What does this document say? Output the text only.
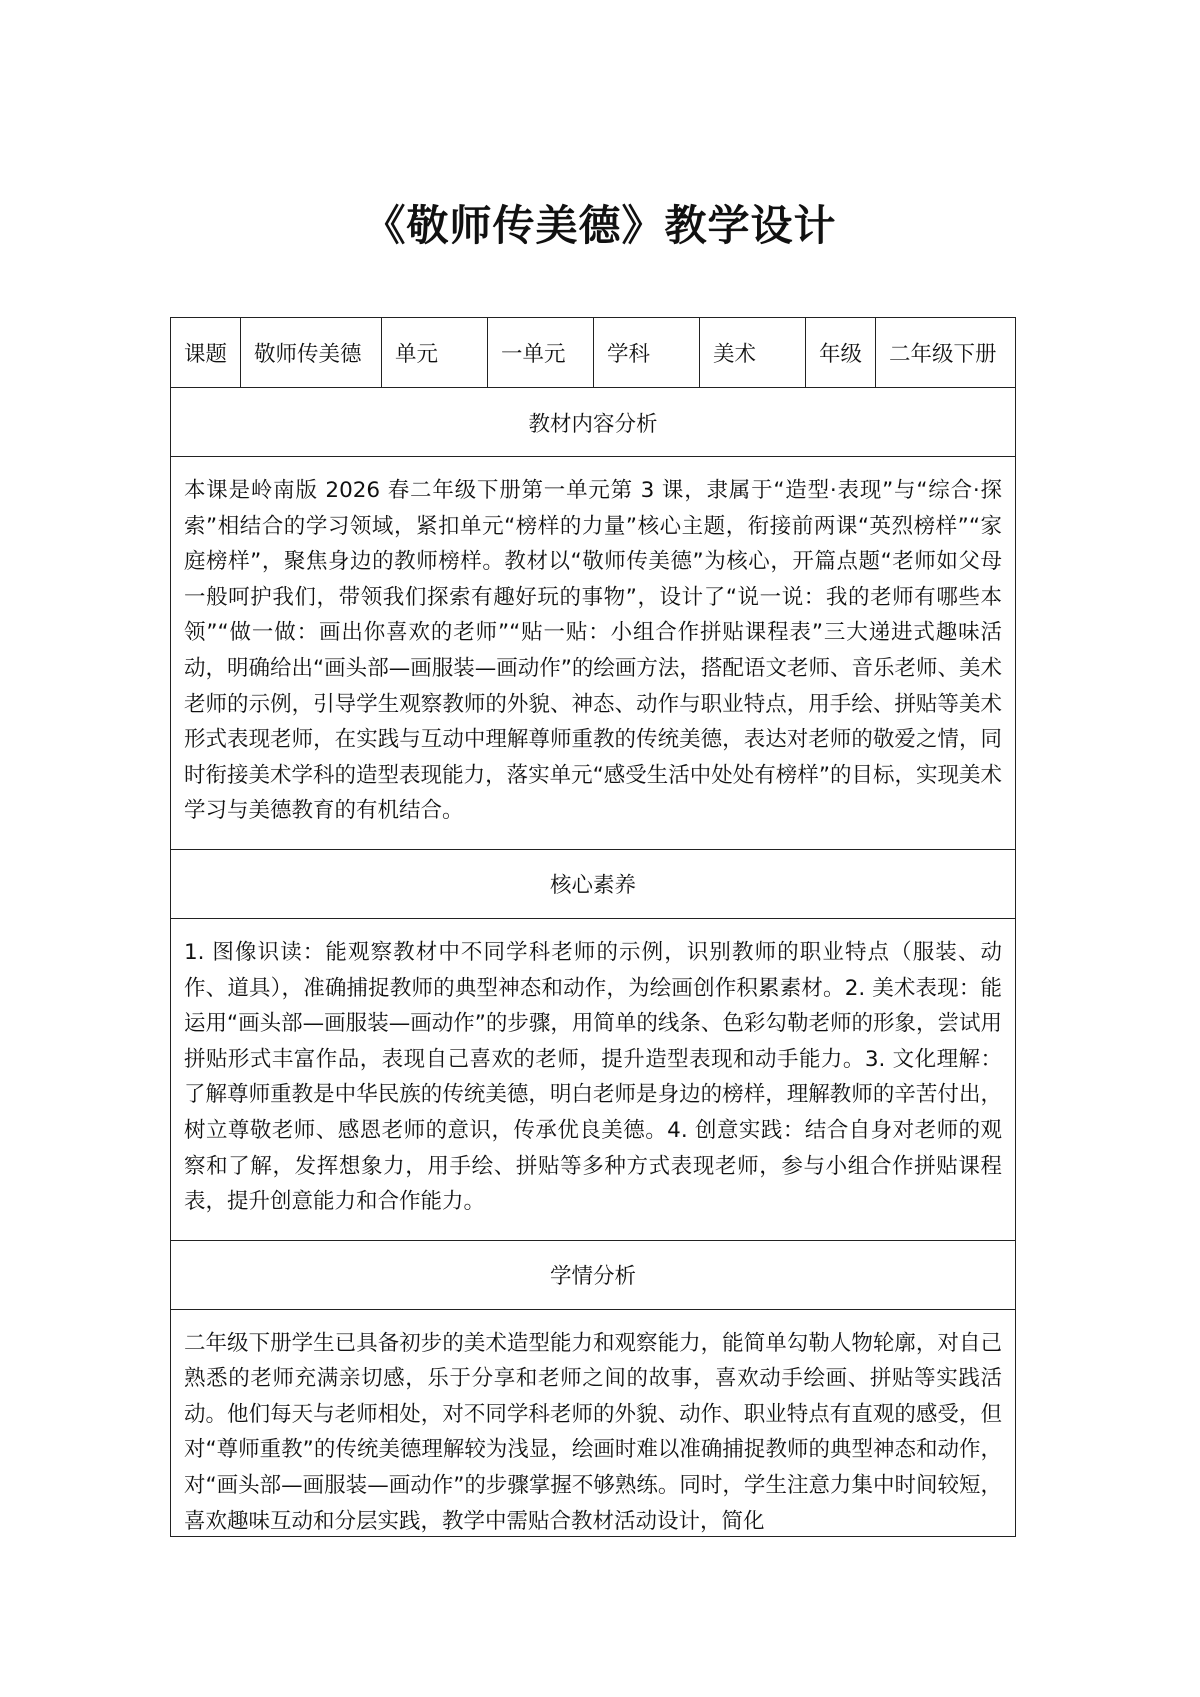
《敬师传美德》教学设计
课题	敬师传美德	单元	一单元	学科	美术	年级	二年级下册
教材内容分析
本课是岭南版 2026 春二年级下册第一单元第 3 课，隶属于“造型·表现”与“综合·探索”相结合的学习领域，紧扣单元“榜样的力量”核心主题，衔接前两课“英烈榜样”“家庭榜样”，聚焦身边的教师榜样。教材以“敬师传美德”为核心，开篇点题“老师如父母一般呵护我们，带领我们探索有趣好玩的事物”，设计了“说一说：我的老师有哪些本领”“做一做：画出你喜欢的老师”“贴一贴：小组合作拼贴课程表”三大递进式趣味活动，明确给出“画头部—画服装—画动作”的绘画方法，搭配语文老师、音乐老师、美术老师的示例，引导学生观察教师的外貌、神态、动作与职业特点，用手绘、拼贴等美术形式表现老师，在实践与互动中理解尊师重教的传统美德，表达对老师的敬爱之情，同时衔接美术学科的造型表现能力，落实单元“感受生活中处处有榜样”的目标，实现美术学习与美德教育的有机结合。
核心素养
1. 图像识读：能观察教材中不同学科老师的示例，识别教师的职业特点（服装、动作、道具），准确捕捉教师的典型神态和动作，为绘画创作积累素材。2. 美术表现：能运用“画头部—画服装—画动作”的步骤，用简单的线条、色彩勾勒老师的形象，尝试用拼贴形式丰富作品，表现自己喜欢的老师，提升造型表现和动手能力。3. 文化理解：了解尊师重教是中华民族的传统美德，明白老师是身边的榜样，理解教师的辛苦付出，树立尊敬老师、感恩老师的意识，传承优良美德。4. 创意实践：结合自身对老师的观察和了解，发挥想象力，用手绘、拼贴等多种方式表现老师，参与小组合作拼贴课程表，提升创意能力和合作能力。
学情分析

二年级下册学生已具备初步的美术造型能力和观察能力，能简单勾勒人物轮廓，对自己熟悉的老师充满亲切感，乐于分享和老师之间的故事，喜欢动手绘画、拼贴等实践活动。他们每天与老师相处，对不同学科老师的外貌、动作、职业特点有直观的感受，但对“尊师重教”的传统美德理解较为浅显，绘画时难以准确捕捉教师的典型神态和动作，对“画头部—画服装—画动作”的步骤掌握不够熟练。同时，学生注意力集中时间较短，喜欢趣味互动和分层实践，教学中需贴合教材活动设计，简化
